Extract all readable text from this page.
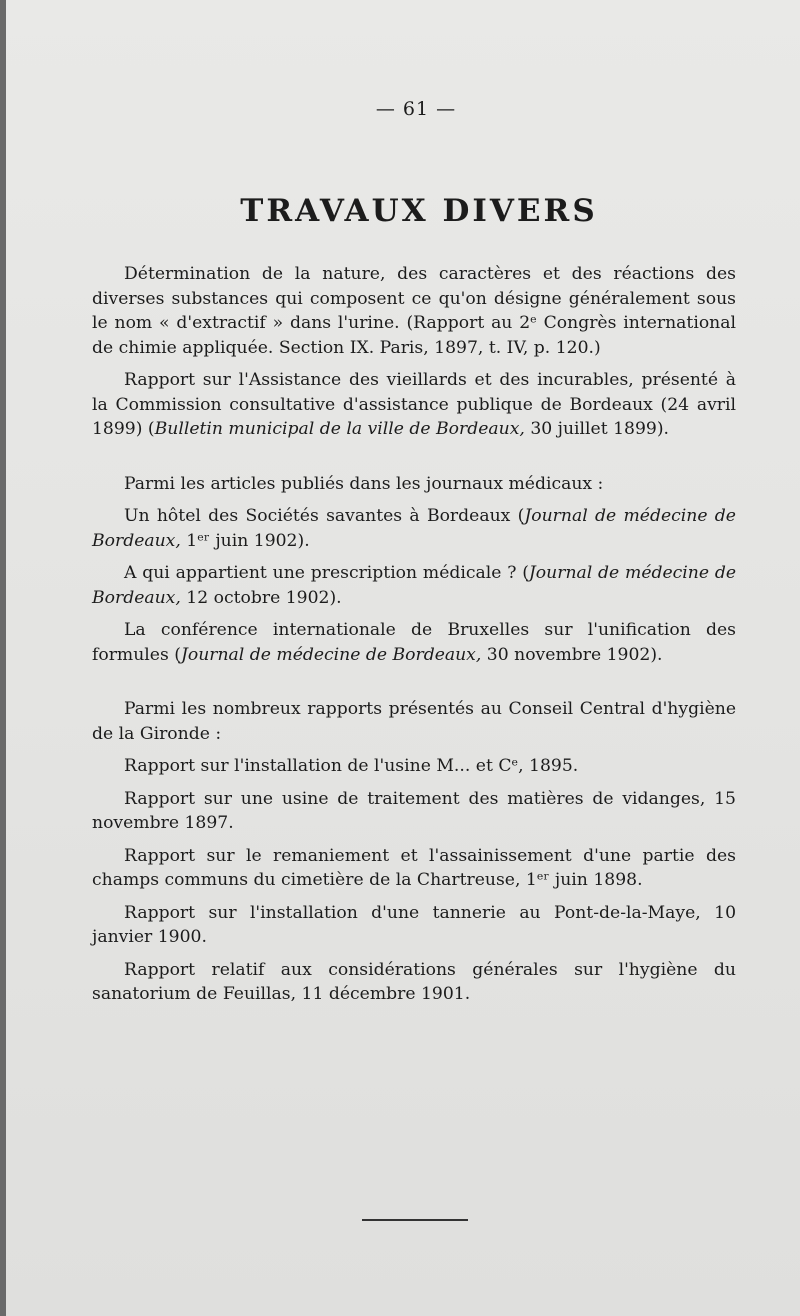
— 61 —
TRAVAUX DIVERS

Détermination de la nature, des caractères et des réactions des diverses substances qui composent ce qu'on désigne généralement sous le nom « d'extractif » dans l'urine. (Rapport au 2ᵉ Congrès international de chimie appliquée. Section IX. Paris, 1897, t. IV, p. 120.)

Rapport sur l'Assistance des vieillards et des incurables, présenté à la Commission consultative d'assistance publique de Bordeaux (24 avril 1899) (Bulletin municipal de la ville de Bordeaux, 30 juillet 1899).

Parmi les articles publiés dans les journaux médicaux :

Un hôtel des Sociétés savantes à Bordeaux (Journal de médecine de Bordeaux, 1ᵉʳ juin 1902).

A qui appartient une prescription médicale ? (Journal de médecine de Bordeaux, 12 octobre 1902).

La conférence internationale de Bruxelles sur l'unification des formules (Journal de médecine de Bordeaux, 30 novembre 1902).

Parmi les nombreux rapports présentés au Conseil Central d'hygiène de la Gironde :

Rapport sur l'installation de l'usine M... et Cᵉ, 1895.

Rapport sur une usine de traitement des matières de vidanges, 15 novembre 1897.

Rapport sur le remaniement et l'assainissement d'une partie des champs communs du cimetière de la Chartreuse, 1ᵉʳ juin 1898.

Rapport sur l'installation d'une tannerie au Pont-de-la-Maye, 10 janvier 1900.

Rapport relatif aux considérations générales sur l'hygiène du sanatorium de Feuillas, 11 décembre 1901.
